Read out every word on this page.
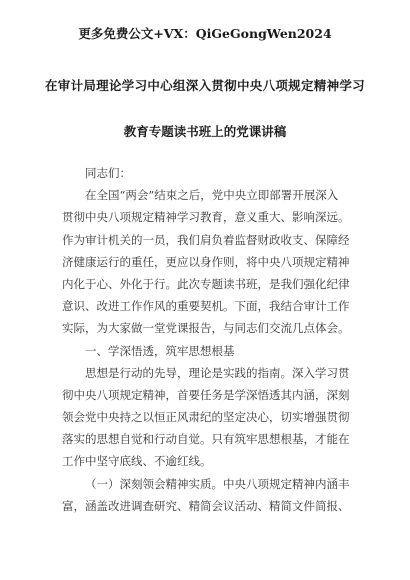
更多免费公文+VX：QiGeGongWen2024
在审计局理论学习中心组深入贯彻中央八项规定精神学习
教育专题读书班上的党课讲稿
同志们：
在全国“两会”结束之后，党中央立即部署开展深入
贯彻中央八项规定精神学习教育，意义重大、影响深远。
作为审计机关的一员，我们肩负着监督财政收支、保障经
济健康运行的重任，更应以身作则，将中央八项规定精神
内化于心、外化于行。此次专题读书班，是我们强化纪律
意识、改进工作作风的重要契机。下面，我结合审计工作
实际，为大家做一堂党课报告，与同志们交流几点体会。
一、学深悟透，筑牢思想根基
思想是行动的先导，理论是实践的指南。深入学习贯
彻中央八项规定精神，首要任务是学深悟透其内涵，深刻
领会党中央持之以恒正风肃纪的坚定决心，切实增强贯彻
落实的思想自觉和行动自觉。只有筑牢思想根基，才能在
工作中坚守底线、不逾红线。
（一）深刻领会精神实质。中央八项规定精神内涵丰
富，涵盖改进调查研究、精简会议活动、精简文件简报、
